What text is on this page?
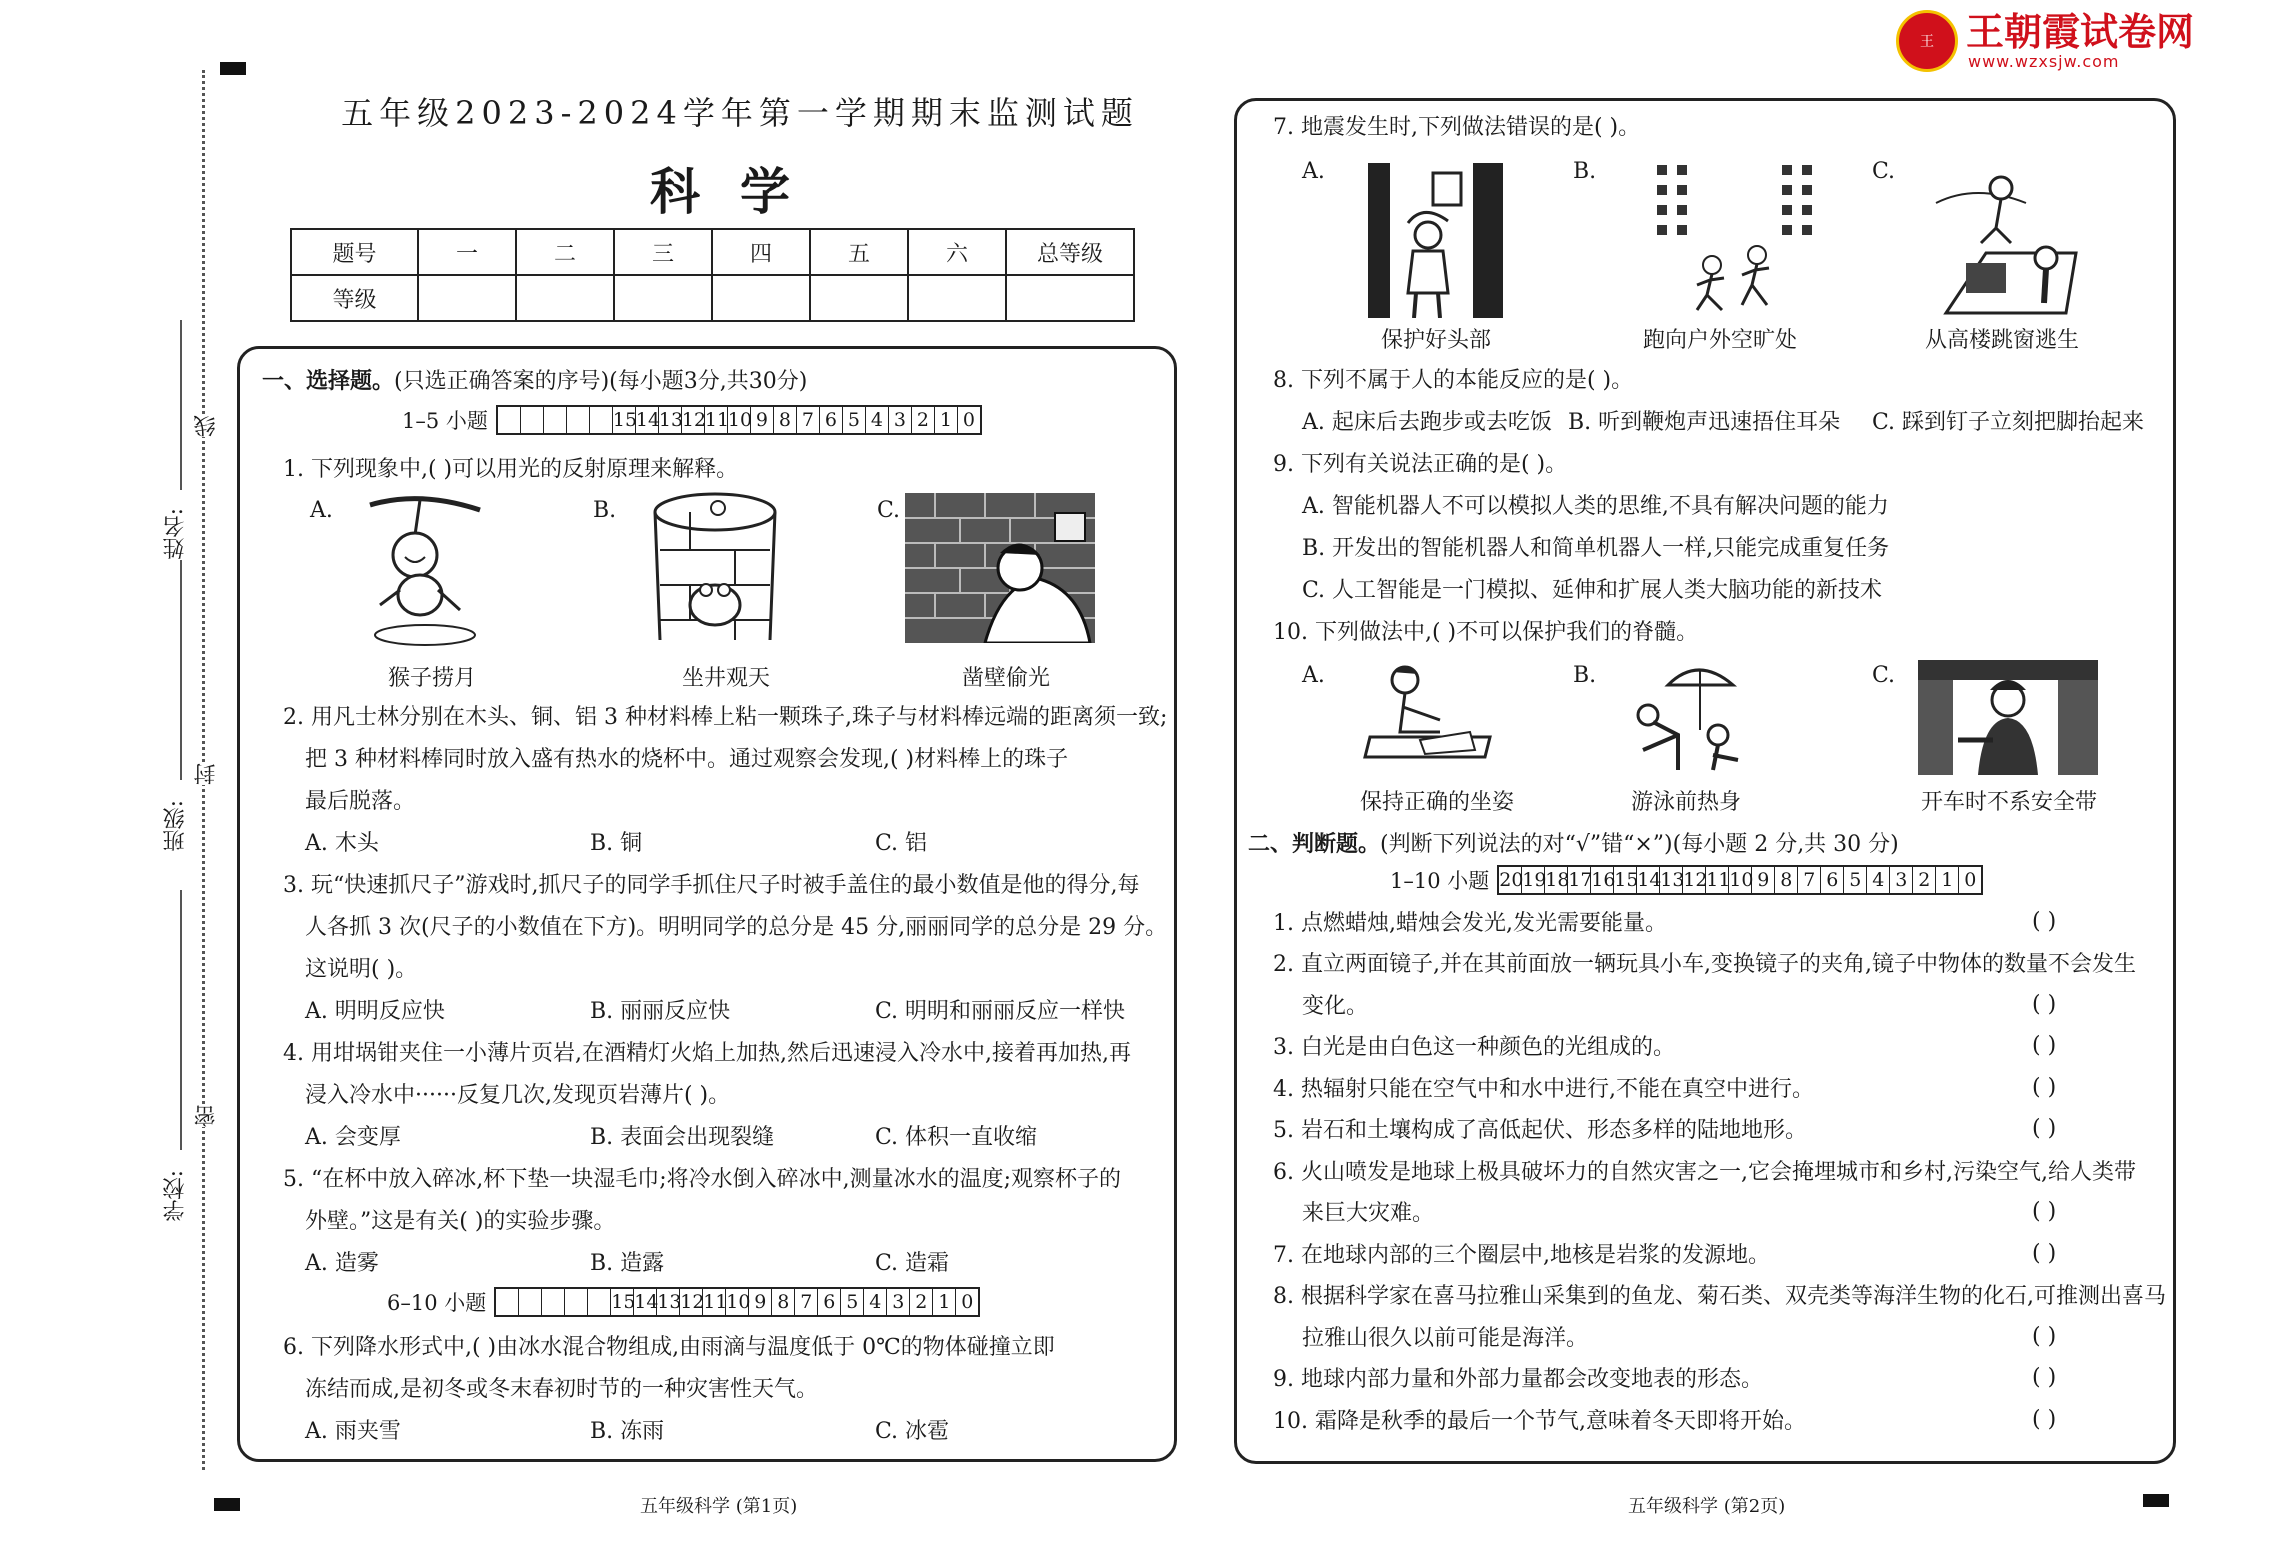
王 王朝霞试卷网
www.wzxsjw.com
学校:
班级:
姓名:
密
封
线
五年级2023-2024学年第一学期期末监测试题
科学
题号	一	二	三	四	五	六	总等级
等级							
一、选择题。(只选正确答案的序号)(每小题3分,共30分)
1–5 小题	15
14
13
12
11
10 9 8 7 6 5 4 3 2 1 0
1. 下列现象中,( )可以用光的反射原理来解释。
A.	B.	C.
猴子捞月	坐井观天	凿壁偷光
2. 用凡士林分别在木头、铜、铝 3 种材料棒上粘一颗珠子,珠子与材料棒远端的距离须一致;
把 3 种材料棒同时放入盛有热水的烧杯中。通过观察会发现,( )材料棒上的珠子
最后脱落。
A. 木头	B. 铜	C. 铝
3. 玩“快速抓尺子”游戏时,抓尺子的同学手抓住尺子时被手盖住的最小数值是他的得分,每
人各抓 3 次(尺子的小数值在下方)。明明同学的总分是 45 分,丽丽同学的总分是 29 分。
这说明( )。
A. 明明反应快	B. 丽丽反应快	C. 明明和丽丽反应一样快
4. 用坩埚钳夹住一小薄片页岩,在酒精灯火焰上加热,然后迅速浸入冷水中,接着再加热,再
浸入冷水中······反复几次,发现页岩薄片( )。
A. 会变厚	B. 表面会出现裂缝	C. 体积一直收缩
5. “在杯中放入碎冰,杯下垫一块湿毛巾;将冷水倒入碎冰中,测量冰水的温度;观察杯子的
外壁。”这是有关( )的实验步骤。
A. 造雾	B. 造露	C. 造霜
6–10 小题	15
14
13
12
11
10 9 8 7 6 5 4 3 2 1 0
6. 下列降水形式中,( )由冰水混合物组成,由雨滴与温度低于 0℃的物体碰撞立即
冻结而成,是初冬或冬末春初时节的一种灾害性天气。
A. 雨夹雪	B. 冻雨	C. 冰雹
7. 地震发生时,下列做法错误的是( )。
A.	B.	C.
保护好头部	跑向户外空旷处	从高楼跳窗逃生
8. 下列不属于人的本能反应的是( )。
A. 起床后去跑步或去吃饭 B. 听到鞭炮声迅速捂住耳朵 C. 踩到钉子立刻把脚抬起来
9. 下列有关说法正确的是( )。
A. 智能机器人不可以模拟人类的思维,不具有解决问题的能力
B. 开发出的智能机器人和简单机器人一样,只能完成重复任务
C. 人工智能是一门模拟、延伸和扩展人类大脑功能的新技术
10. 下列做法中,( )不可以保护我们的脊髓。
A.	B.	C.
保持正确的坐姿	游泳前热身	开车时不系安全带
二、判断题。(判断下列说法的对“√”错“×”)(每小题 2 分,共 30 分)
1–10 小题 20
19
18
17
16
15
14
13
12
11
10 9 8 7 6 5 4 3 2 1 0
1. 点燃蜡烛,蜡烛会发光,发光需要能量。	( )
2. 直立两面镜子,并在其前面放一辆玩具小车,变换镜子的夹角,镜子中物体的数量不会发生
变化。	( )
3. 白光是由白色这一种颜色的光组成的。	( )
4. 热辐射只能在空气中和水中进行,不能在真空中进行。	( )
5. 岩石和土壤构成了高低起伏、形态多样的陆地地形。	( )
6. 火山喷发是地球上极具破坏力的自然灾害之一,它会掩埋城市和乡村,污染空气,给人类带
来巨大灾难。	( )
7. 在地球内部的三个圈层中,地核是岩浆的发源地。	( )
8. 根据科学家在喜马拉雅山采集到的鱼龙、菊石类、双壳类等海洋生物的化石,可推测出喜马
拉雅山很久以前可能是海洋。	( )
9. 地球内部力量和外部力量都会改变地表的形态。	( )
10. 霜降是秋季的最后一个节气,意味着冬天即将开始。	( )
五年级科学 (第1页)	五年级科学 (第2页)
